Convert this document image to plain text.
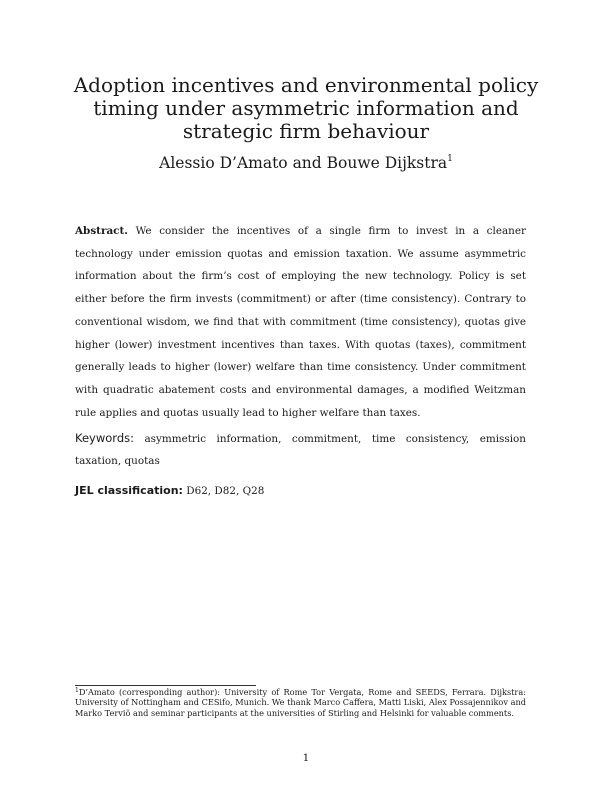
Adoption incentives and environmental policy timing under asymmetric information and strategic firm behaviour
Alessio D’Amato and Bouwe Dijkstra$^1$

Abstract. We consider the incentives of a single firm to invest in a cleaner technology under emission quotas and emission taxation. We assume asymmetric information about the firm’s cost of employing the new technology. Policy is set either before the firm invests (commitment) or after (time consistency). Contrary to conventional wisdom, we find that with commitment (time consistency), quotas give higher (lower) investment incentives than taxes. With quotas (taxes), commitment generally leads to higher (lower) welfare than time consistency. Under commitment with quadratic abatement costs and environmental damages, a modified Weitzman rule applies and quotas usually lead to higher welfare than taxes.

Keywords: asymmetric information, commitment, time consistency, emission taxation, quotas

JEL classification: D62, D82, Q28

$^1$D’Amato (corresponding author): University of Rome Tor Vergata, Rome and SEEDS, Ferrara. Dijkstra: University of Nottingham and CESifo, Munich. We thank Marco Caffera, Matti Liski, Alex Possajennikov and Marko Terviö and seminar participants at the universities of Stirling and Helsinki for valuable comments.

1
